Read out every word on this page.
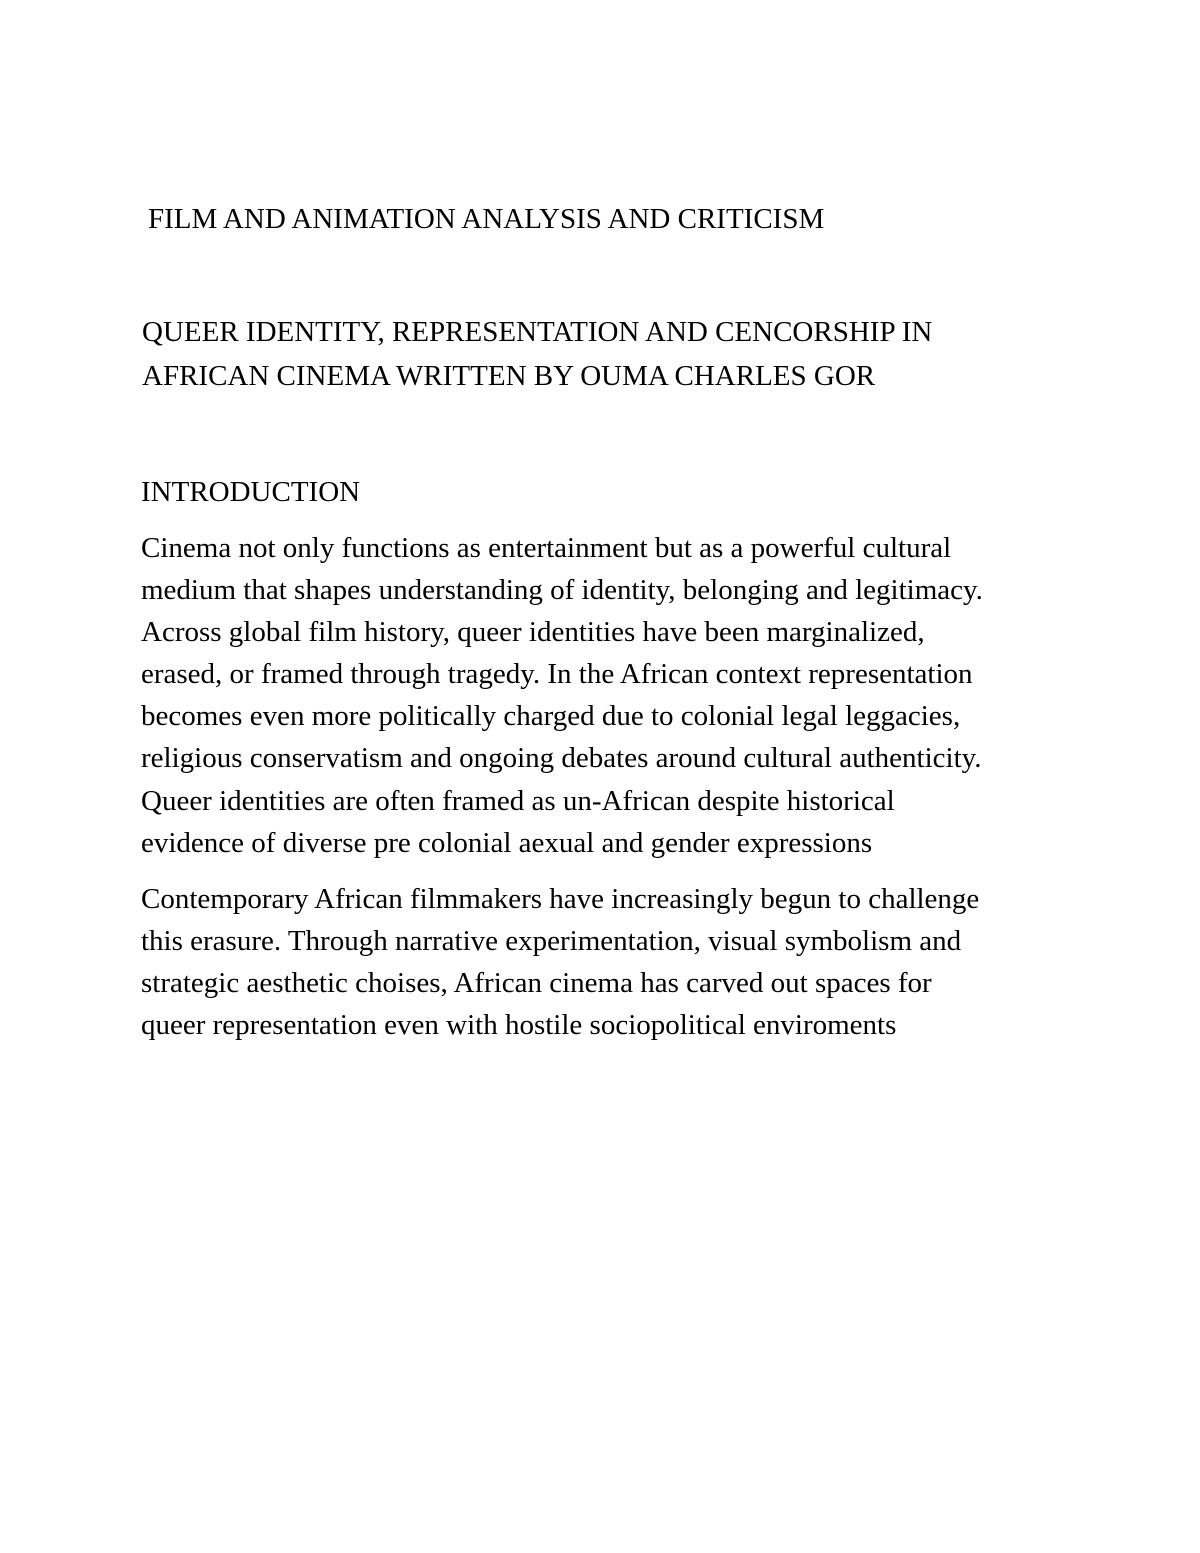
FILM AND ANIMATION ANALYSIS AND CRITICISM
QUEER IDENTITY, REPRESENTATION AND CENCORSHIP IN
AFRICAN CINEMA WRITTEN BY OUMA CHARLES GOR
INTRODUCTION

Cinema not only functions as entertainment but as a powerful cultural
medium that shapes understanding of identity, belonging and legitimacy.
Across global film history, queer identities have been marginalized,
erased, or framed through tragedy. In the African context representation
becomes even more politically charged due to colonial legal leggacies,
religious conservatism and ongoing debates around cultural authenticity.
Queer identities are often framed as un-African despite historical
evidence of diverse pre colonial aexual and gender expressions

Contemporary African filmmakers have increasingly begun to challenge
this erasure. Through narrative experimentation, visual symbolism and
strategic aesthetic choises, African cinema has carved out spaces for
queer representation even with hostile sociopolitical enviroments
